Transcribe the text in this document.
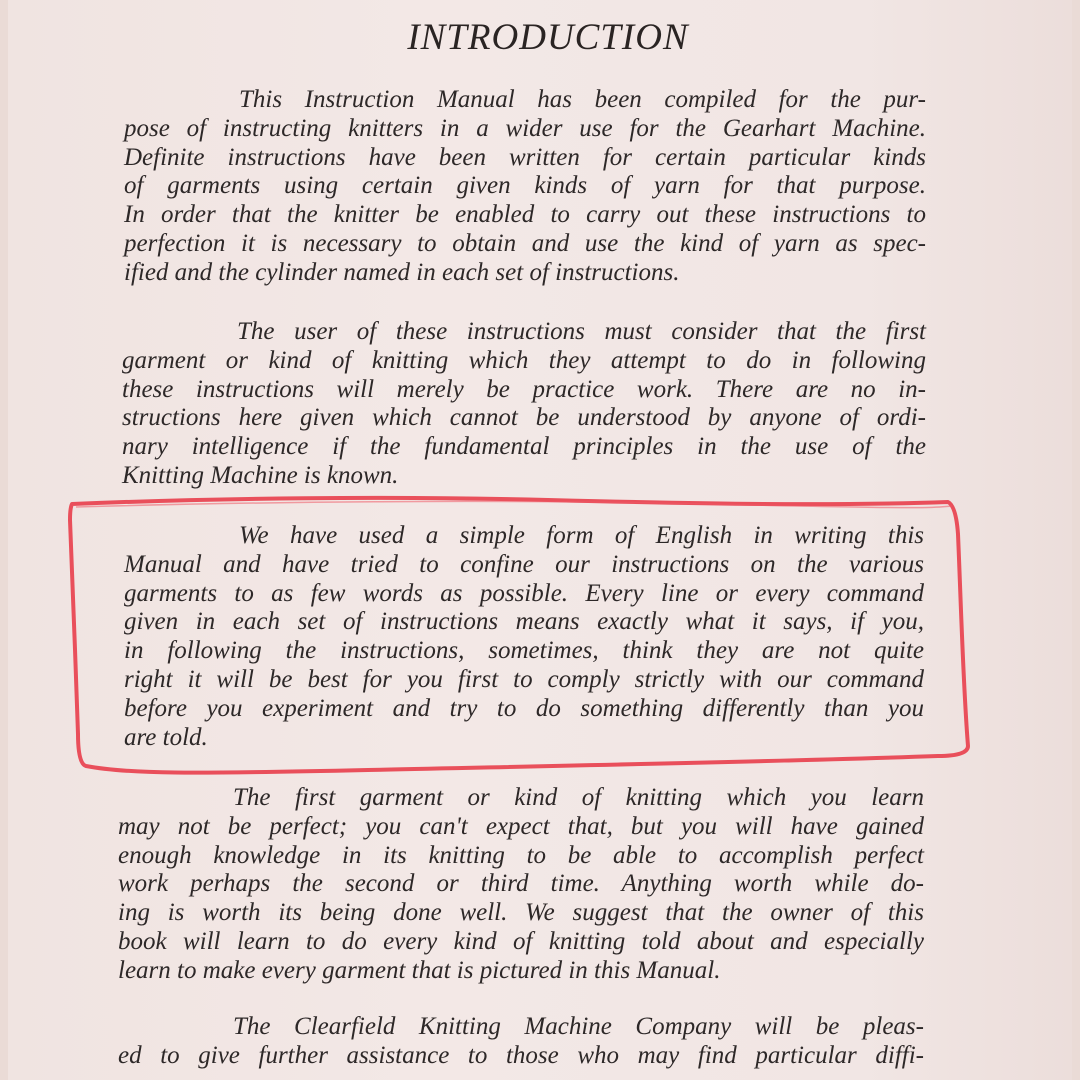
INTRODUCTION
This Instruction Manual has been compiled for the pur-
pose of instructing knitters in a wider use for the Gearhart Machine.
Definite instructions have been written for certain particular kinds
of garments using certain given kinds of yarn for that purpose.
In order that the knitter be enabled to carry out these instructions to
perfection it is necessary to obtain and use the kind of yarn as spec-
ified and the cylinder named in each set of instructions.
The user of these instructions must consider that the first
garment or kind of knitting which they attempt to do in following
these instructions will merely be practice work. There are no in-
structions here given which cannot be understood by anyone of ordi-
nary intelligence if the fundamental principles in the use of the
Knitting Machine is known.
We have used a simple form of English in writing this
Manual and have tried to confine our instructions on the various
garments to as few words as possible. Every line or every command
given in each set of instructions means exactly what it says, if you,
in following the instructions, sometimes, think they are not quite
right it will be best for you first to comply strictly with our command
before you experiment and try to do something differently than you
are told.
The first garment or kind of knitting which you learn
may not be perfect; you can't expect that, but you will have gained
enough knowledge in its knitting to be able to accomplish perfect
work perhaps the second or third time. Anything worth while do-
ing is worth its being done well. We suggest that the owner of this
book will learn to do every kind of knitting told about and especially
learn to make every garment that is pictured in this Manual.
The Clearfield Knitting Machine Company will be pleas-
ed to give further assistance to those who may find particular diffi-
